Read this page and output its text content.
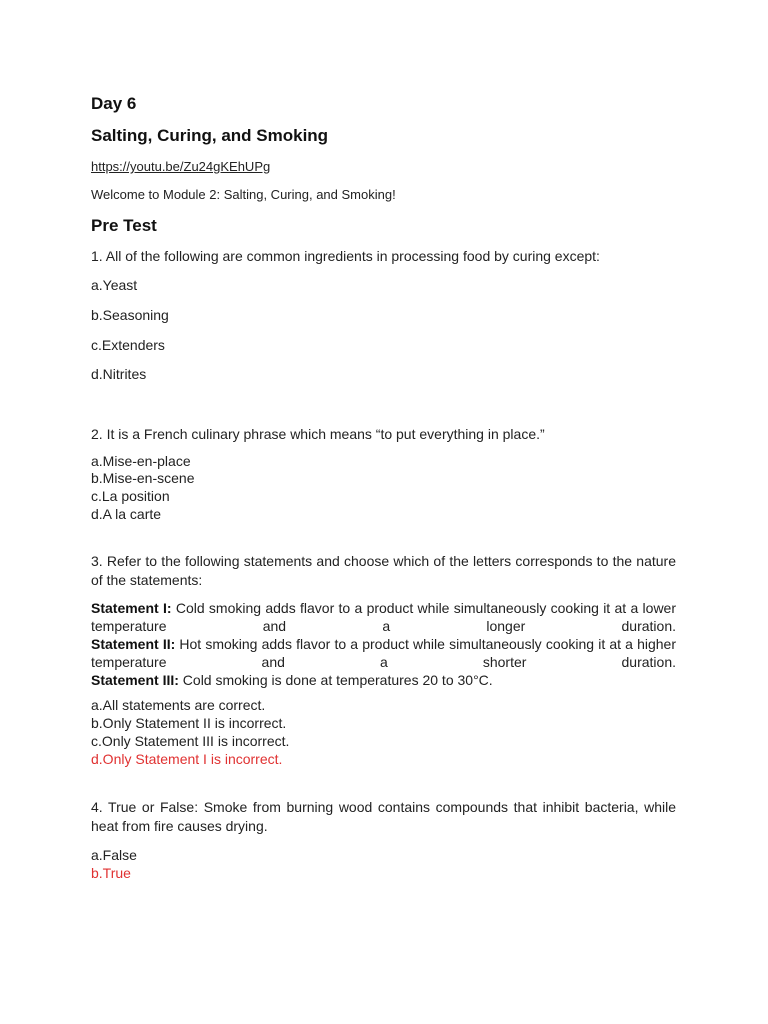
Day 6
Salting, Curing, and Smoking
https://youtu.be/Zu24gKEhUPg
Welcome to Module 2: Salting, Curing, and Smoking!
Pre Test
1. All of the following are common ingredients in processing food by curing except:
a.Yeast
b.Seasoning
c.Extenders
d.Nitrites
2. It is a French culinary phrase which means “to put everything in place.”
a.Mise-en-place
b.Mise-en-scene
c.La position
d.A la carte
3. Refer to the following statements and choose which of the letters corresponds to the nature of the statements:
Statement I: Cold smoking adds flavor to a product while simultaneously cooking it at a lower temperature and a longer duration.
Statement II: Hot smoking adds flavor to a product while simultaneously cooking it at a higher temperature and a shorter duration.
Statement III: Cold smoking is done at temperatures 20 to 30°C.
a.All statements are correct.
b.Only Statement II is incorrect.
c.Only Statement III is incorrect.
d.Only Statement I is incorrect.
4. True or False: Smoke from burning wood contains compounds that inhibit bacteria, while heat from fire causes drying.
a.False
b.True
